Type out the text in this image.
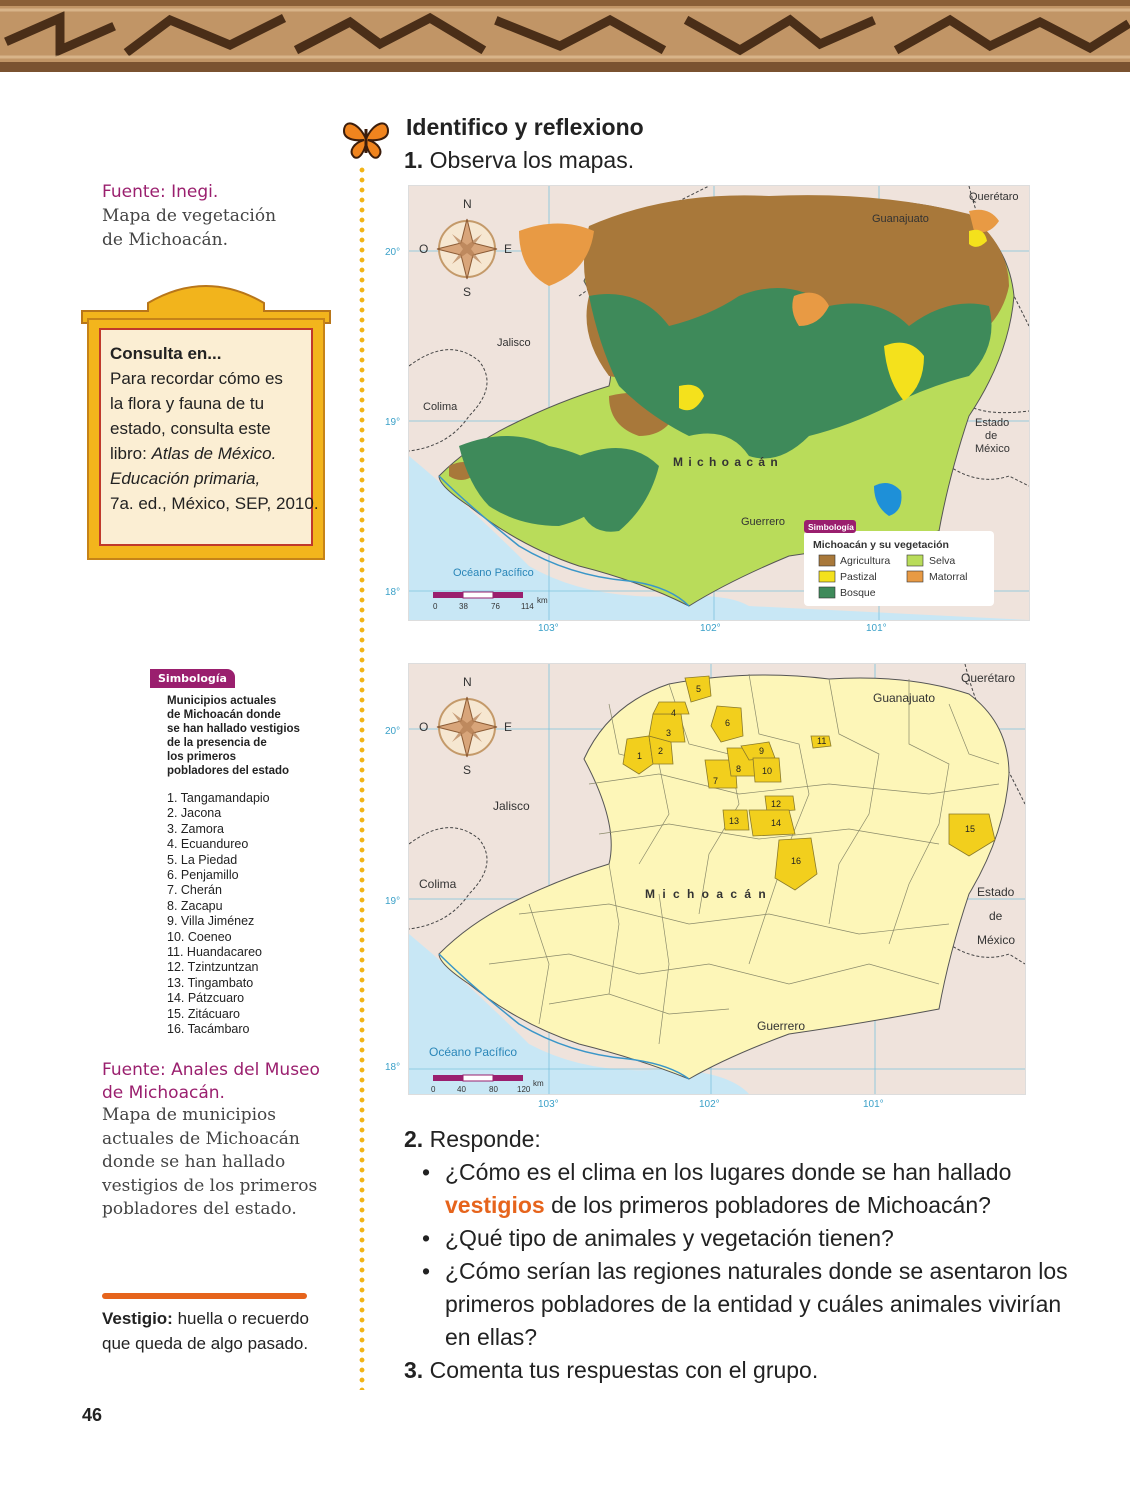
Identifico y reflexiono
1. Observa los mapas.
Fuente: Inegi.
Mapa de vegetación
de Michoacán.
Consulta en...
Para recordar cómo es
la flora y fauna de tu
estado, consulta este
libro: Atlas de México.
Educación primaria,
7a. ed., México, SEP, 2010.
Simbología
Municipios actuales
de Michoacán donde
se han hallado vestigios
de la presencia de
los primeros
pobladores del estado
1. Tangamandapio
2. Jacona
3. Zamora
4. Ecuandureo
5. La Piedad
6. Penjamillo
7. Cherán
8. Zacapu
9. Villa Jiménez
10. Coeneo
11. Huandacareo
12. Tzintzuntzan
13. Tingambato
14. Pátzcuaro
15. Zitácuaro
16. Tacámbaro
Fuente: Anales del Museo
de Michoacán.
Mapa de municipios
actuales de Michoacán
donde se han hallado
vestigios de los primeros
pobladores del estado.
Vestigio: huella o recuerdo
que queda de algo pasado.
46
N
S
E
O
Querétaro
Guanajuato
Jalisco
Colima
M i c h o a c á n
Estado
de
México
Guerrero
Océano Pacífico
0	38	76	114
km
Simbología
Michoacán y su vegetación
Agricultura	Selva
Pastizal	Matorral
Bosque
20°
19°
18°
103°	102°	101°
1 2
3
4
5
6
7
8
9
10
11
12
13	14
15
16
N
S
E
O
Querétaro
Guanajuato
Jalisco
Colima
M i c h o a c á n	Estado
de
México
Guerrero
Océano Pacífico
0	40	80 120
km
20°
19°
18°
103°	102°	101°
2. Responde:
• ¿Cómo es el clima en los lugares donde se han hallado
vestigios de los primeros pobladores de Michoacán?
• ¿Qué tipo de animales y vegetación tienen?
• ¿Cómo serían las regiones naturales donde se asentaron los
primeros pobladores de la entidad y cuáles animales vivirían
en ellas?
3. Comenta tus respuestas con el grupo.
